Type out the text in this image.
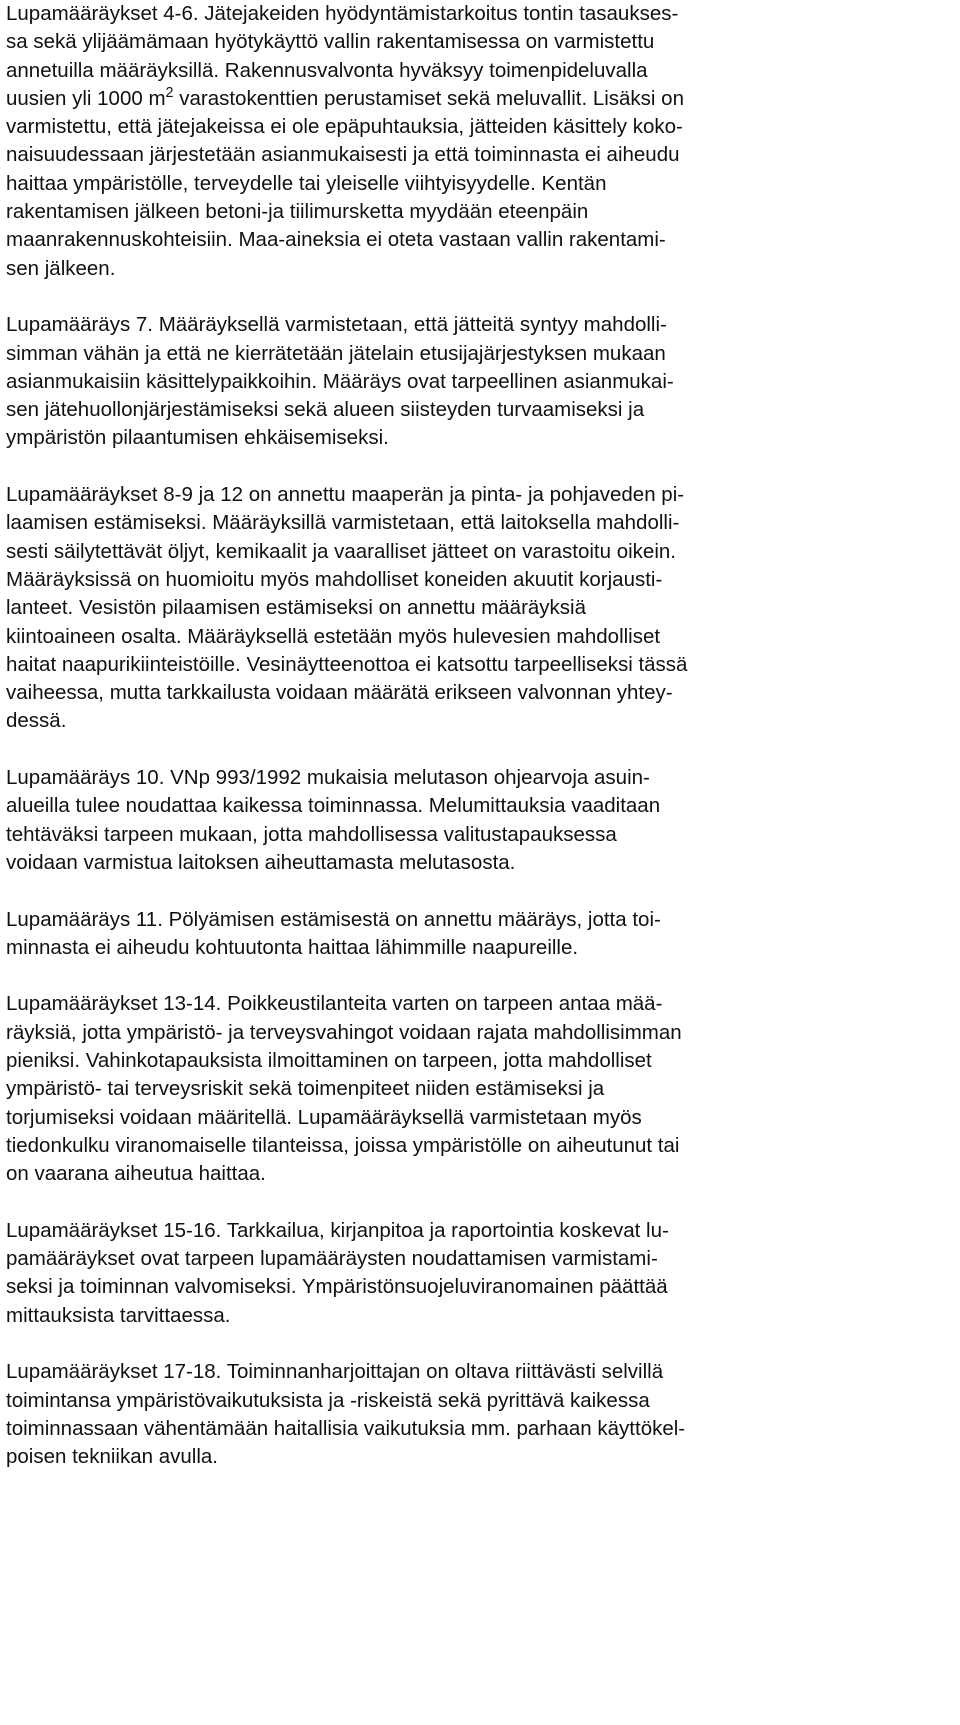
Lupamääräykset 4-6. Jätejakeiden hyödyntämistarkoitus tontin tasaukses-
sa sekä ylijäämämaan hyötykäyttö vallin rakentamisessa on varmistettu
annetuilla määräyksillä. Rakennusvalvonta hyväksyy toimenpideluvalla
uusien yli 1000 $m^2$ varastokenttien perustamiset sekä meluvallit. Lisäksi on
varmistettu, että jätejakeissa ei ole epäpuhtauksia, jätteiden käsittely koko-
naisuudessaan järjestetään asianmukaisesti ja että toiminnasta ei aiheudu
haittaa ympäristölle, terveydelle tai yleiselle viihtyisyydelle. Kentän
rakentamisen jälkeen betoni-ja tiilimursketta myydään eteenpäin
maanrakennuskohteisiin. Maa-aineksia ei oteta vastaan vallin rakentami-
sen jälkeen.

Lupamääräys 7. Määräyksellä varmistetaan, että jätteitä syntyy mahdolli-
simman vähän ja että ne kierrätetään jätelain etusijajärjestyksen mukaan
asianmukaisiin käsittelypaikkoihin. Määräys ovat tarpeellinen asianmukai-
sen jätehuollonjärjestämiseksi sekä alueen siisteyden turvaamiseksi ja
ympäristön pilaantumisen ehkäisemiseksi.

Lupamääräykset 8-9 ja 12 on annettu maaperän ja pinta- ja pohjaveden pi-
laamisen estämiseksi. Määräyksillä varmistetaan, että laitoksella mahdolli-
sesti säilytettävät öljyt, kemikaalit ja vaaralliset jätteet on varastoitu oikein.
Määräyksissä on huomioitu myös mahdolliset koneiden akuutit korjausti-
lanteet. Vesistön pilaamisen estämiseksi on annettu määräyksiä
kiintoaineen osalta. Määräyksellä estetään myös hulevesien mahdolliset
haitat naapurikiinteistöille. Vesinäytteenottoa ei katsottu tarpeelliseksi tässä
vaiheessa, mutta tarkkailusta voidaan määrätä erikseen valvonnan yhtey-
dessä.

Lupamääräys 10. VNp 993/1992 mukaisia melutason ohjearvoja asuin-
alueilla tulee noudattaa kaikessa toiminnassa. Melumittauksia vaaditaan
tehtäväksi tarpeen mukaan, jotta mahdollisessa valitustapauksessa
voidaan varmistua laitoksen aiheuttamasta melutasosta.

Lupamääräys 11. Pölyämisen estämisestä on annettu määräys, jotta toi-
minnasta ei aiheudu kohtuutonta haittaa lähimmille naapureille.

Lupamääräykset 13-14. Poikkeustilanteita varten on tarpeen antaa mää-
räyksiä, jotta ympäristö- ja terveysvahingot voidaan rajata mahdollisimman
pieniksi. Vahinkotapauksista ilmoittaminen on tarpeen, jotta mahdolliset
ympäristö- tai terveysriskit sekä toimenpiteet niiden estämiseksi ja
torjumiseksi voidaan määritellä. Lupamääräyksellä varmistetaan myös
tiedonkulku viranomaiselle tilanteissa, joissa ympäristölle on aiheutunut tai
on vaarana aiheutua haittaa.

Lupamääräykset 15-16. Tarkkailua, kirjanpitoa ja raportointia koskevat lu-
pamääräykset ovat tarpeen lupamääräysten noudattamisen varmistami-
seksi ja toiminnan valvomiseksi. Ympäristönsuojeluviranomainen päättää
mittauksista tarvittaessa.

Lupamääräykset 17-18. Toiminnanharjoittajan on oltava riittävästi selvillä
toimintansa ympäristövaikutuksista ja -riskeistä sekä pyrittävä kaikessa
toiminnassaan vähentämään haitallisia vaikutuksia mm. parhaan käyttökel-
poisen tekniikan avulla.
